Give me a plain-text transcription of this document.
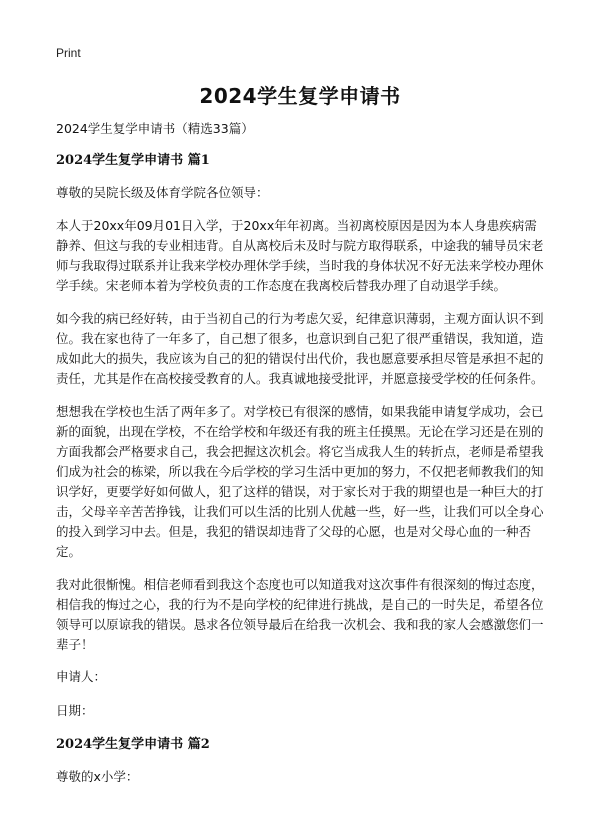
Print
2024学生复学申请书

2024学生复学申请书（精选33篇）

2024学生复学申请书 篇1

尊敬的吴院长级及体育学院各位领导：

本人于20xx年09月01日入学，于20xx年年初离。当初离校原因是因为本人身患疾病需静养、但这与我的专业相违背。自从离校后未及时与院方取得联系，中途我的辅导员宋老师与我取得过联系并让我来学校办理休学手续，当时我的身体状况不好无法来学校办理休学手续。宋老师本着为学校负责的工作态度在我离校后替我办理了自动退学手续。

如今我的病已经好转，由于当初自己的行为考虑欠妥，纪律意识薄弱，主观方面认识不到位。我在家也待了一年多了，自己想了很多，也意识到自己犯了很严重错误，我知道，造成如此大的损失，我应该为自己的犯的错误付出代价，我也愿意要承担尽管是承担不起的责任，尤其是作在高校接受教育的人。我真诚地接受批评，并愿意接受学校的任何条件。

想想我在学校也生活了两年多了。对学校已有很深的感情，如果我能申请复学成功，会已新的面貌，出现在学校，不在给学校和年级还有我的班主任摸黑。无论在学习还是在别的方面我都会严格要求自己，我会把握这次机会。将它当成我人生的转折点，老师是希望我们成为社会的栋梁，所以我在今后学校的学习生活中更加的努力，不仅把老师教我们的知识学好，更要学好如何做人，犯了这样的错误，对于家长对于我的期望也是一种巨大的打击，父母辛辛苦苦挣钱，让我们可以生活的比别人优越一些，好一些，让我们可以全身心的投入到学习中去。但是，我犯的错误却违背了父母的心愿，也是对父母心血的一种否定。

我对此很惭愧。相信老师看到我这个态度也可以知道我对这次事件有很深刻的悔过态度，相信我的悔过之心，我的行为不是向学校的纪律进行挑战，是自己的一时失足，希望各位领导可以原谅我的错误。恳求各位领导最后在给我一次机会、我和我的家人会感激您们一辈子！

申请人：

日期：

2024学生复学申请书 篇2

尊敬的x小学：
